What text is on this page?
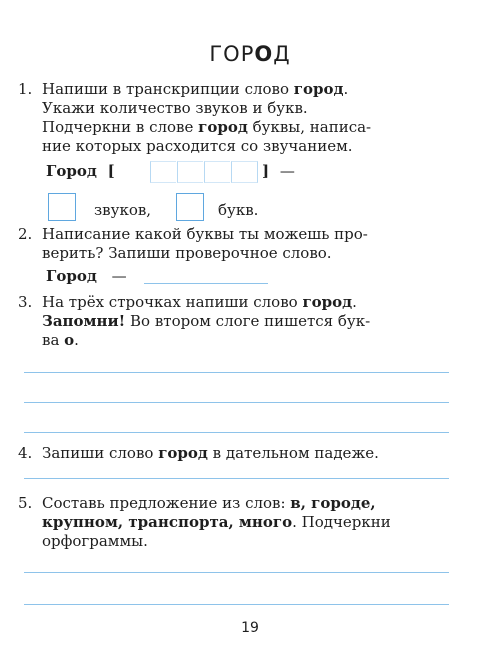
ГОРОД
1. Напиши в транскрипции слово город.
Укажи количество звуков и букв.
Подчеркни в слове город буквы, написа-
ние которых расходится со звучанием.
Город [	] —
звуков,	букв.
2. Написание какой буквы ты можешь про-
верить? Запиши проверочное слово.
Город —
3. На трёх строчках напиши слово город.
Запомни! Во втором слоге пишется бук-
ва о.
4. Запиши слово город в дательном падеже.
5. Составь предложение из слов: в, городе,
крупном, транспорта, много. Подчеркни
орфограммы.
19
